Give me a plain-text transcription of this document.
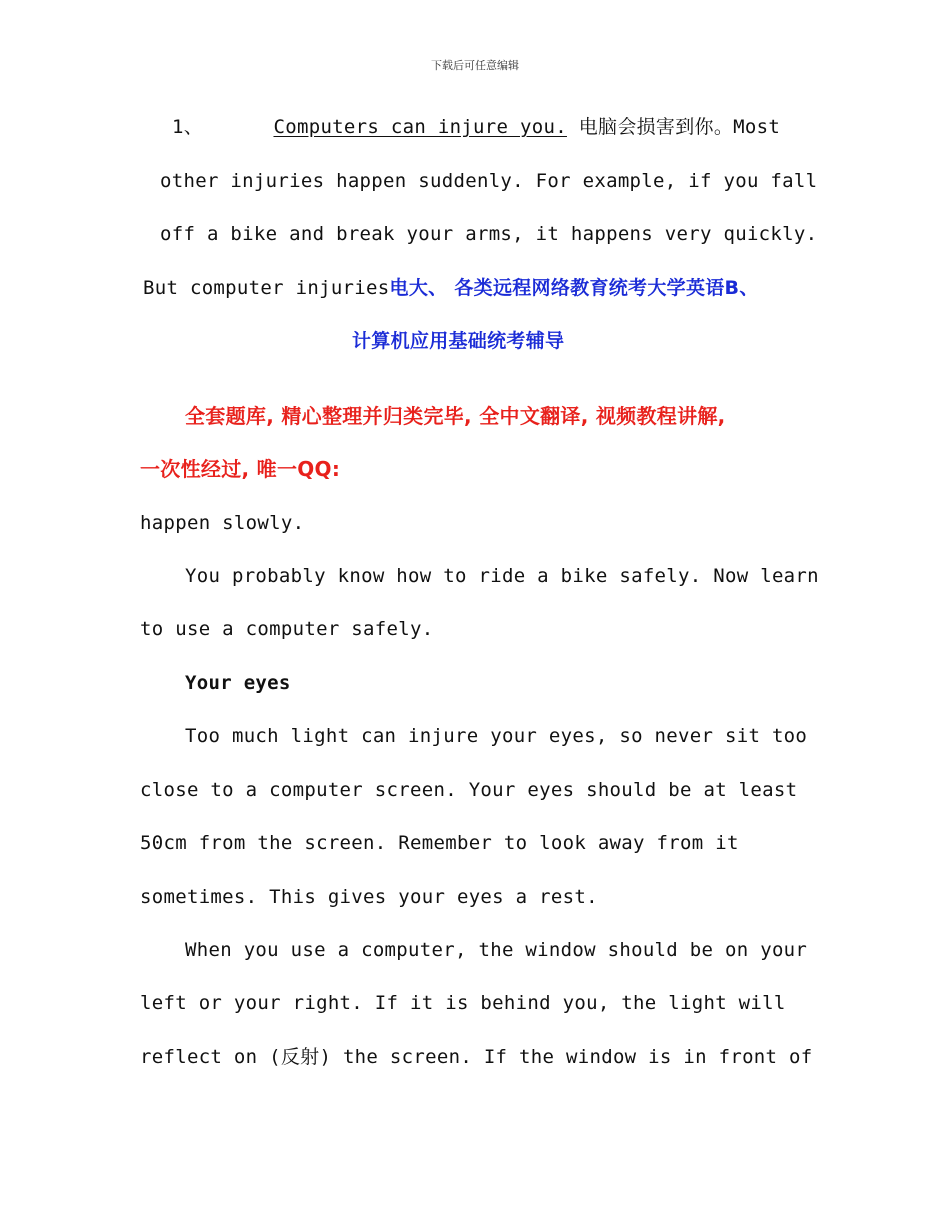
下载后可任意编辑
1、	Computers can injure you. 电脑会损害到你。Most
other injuries happen suddenly. For example, if you fall
off a bike and break your arms, it happens very quickly.
But computer injuries电大、 各类远程网络教育统考大学英语B、
计算机应用基础统考辅导
全套题库, 精心整理并归类完毕, 全中文翻译, 视频教程讲解,
一次性经过, 唯一QQ:
happen slowly.
You probably know how to ride a bike safely. Now learn
to use a computer safely.
Your eyes
Too much light can injure your eyes, so never sit too
close to a computer screen. Your eyes should be at least
50cm from the screen. Remember to look away from it
sometimes. This gives your eyes a rest.
When you use a computer, the window should be on your
left or your right. If it is behind you, the light will
reflect on (反射) the screen. If the window is in front of
